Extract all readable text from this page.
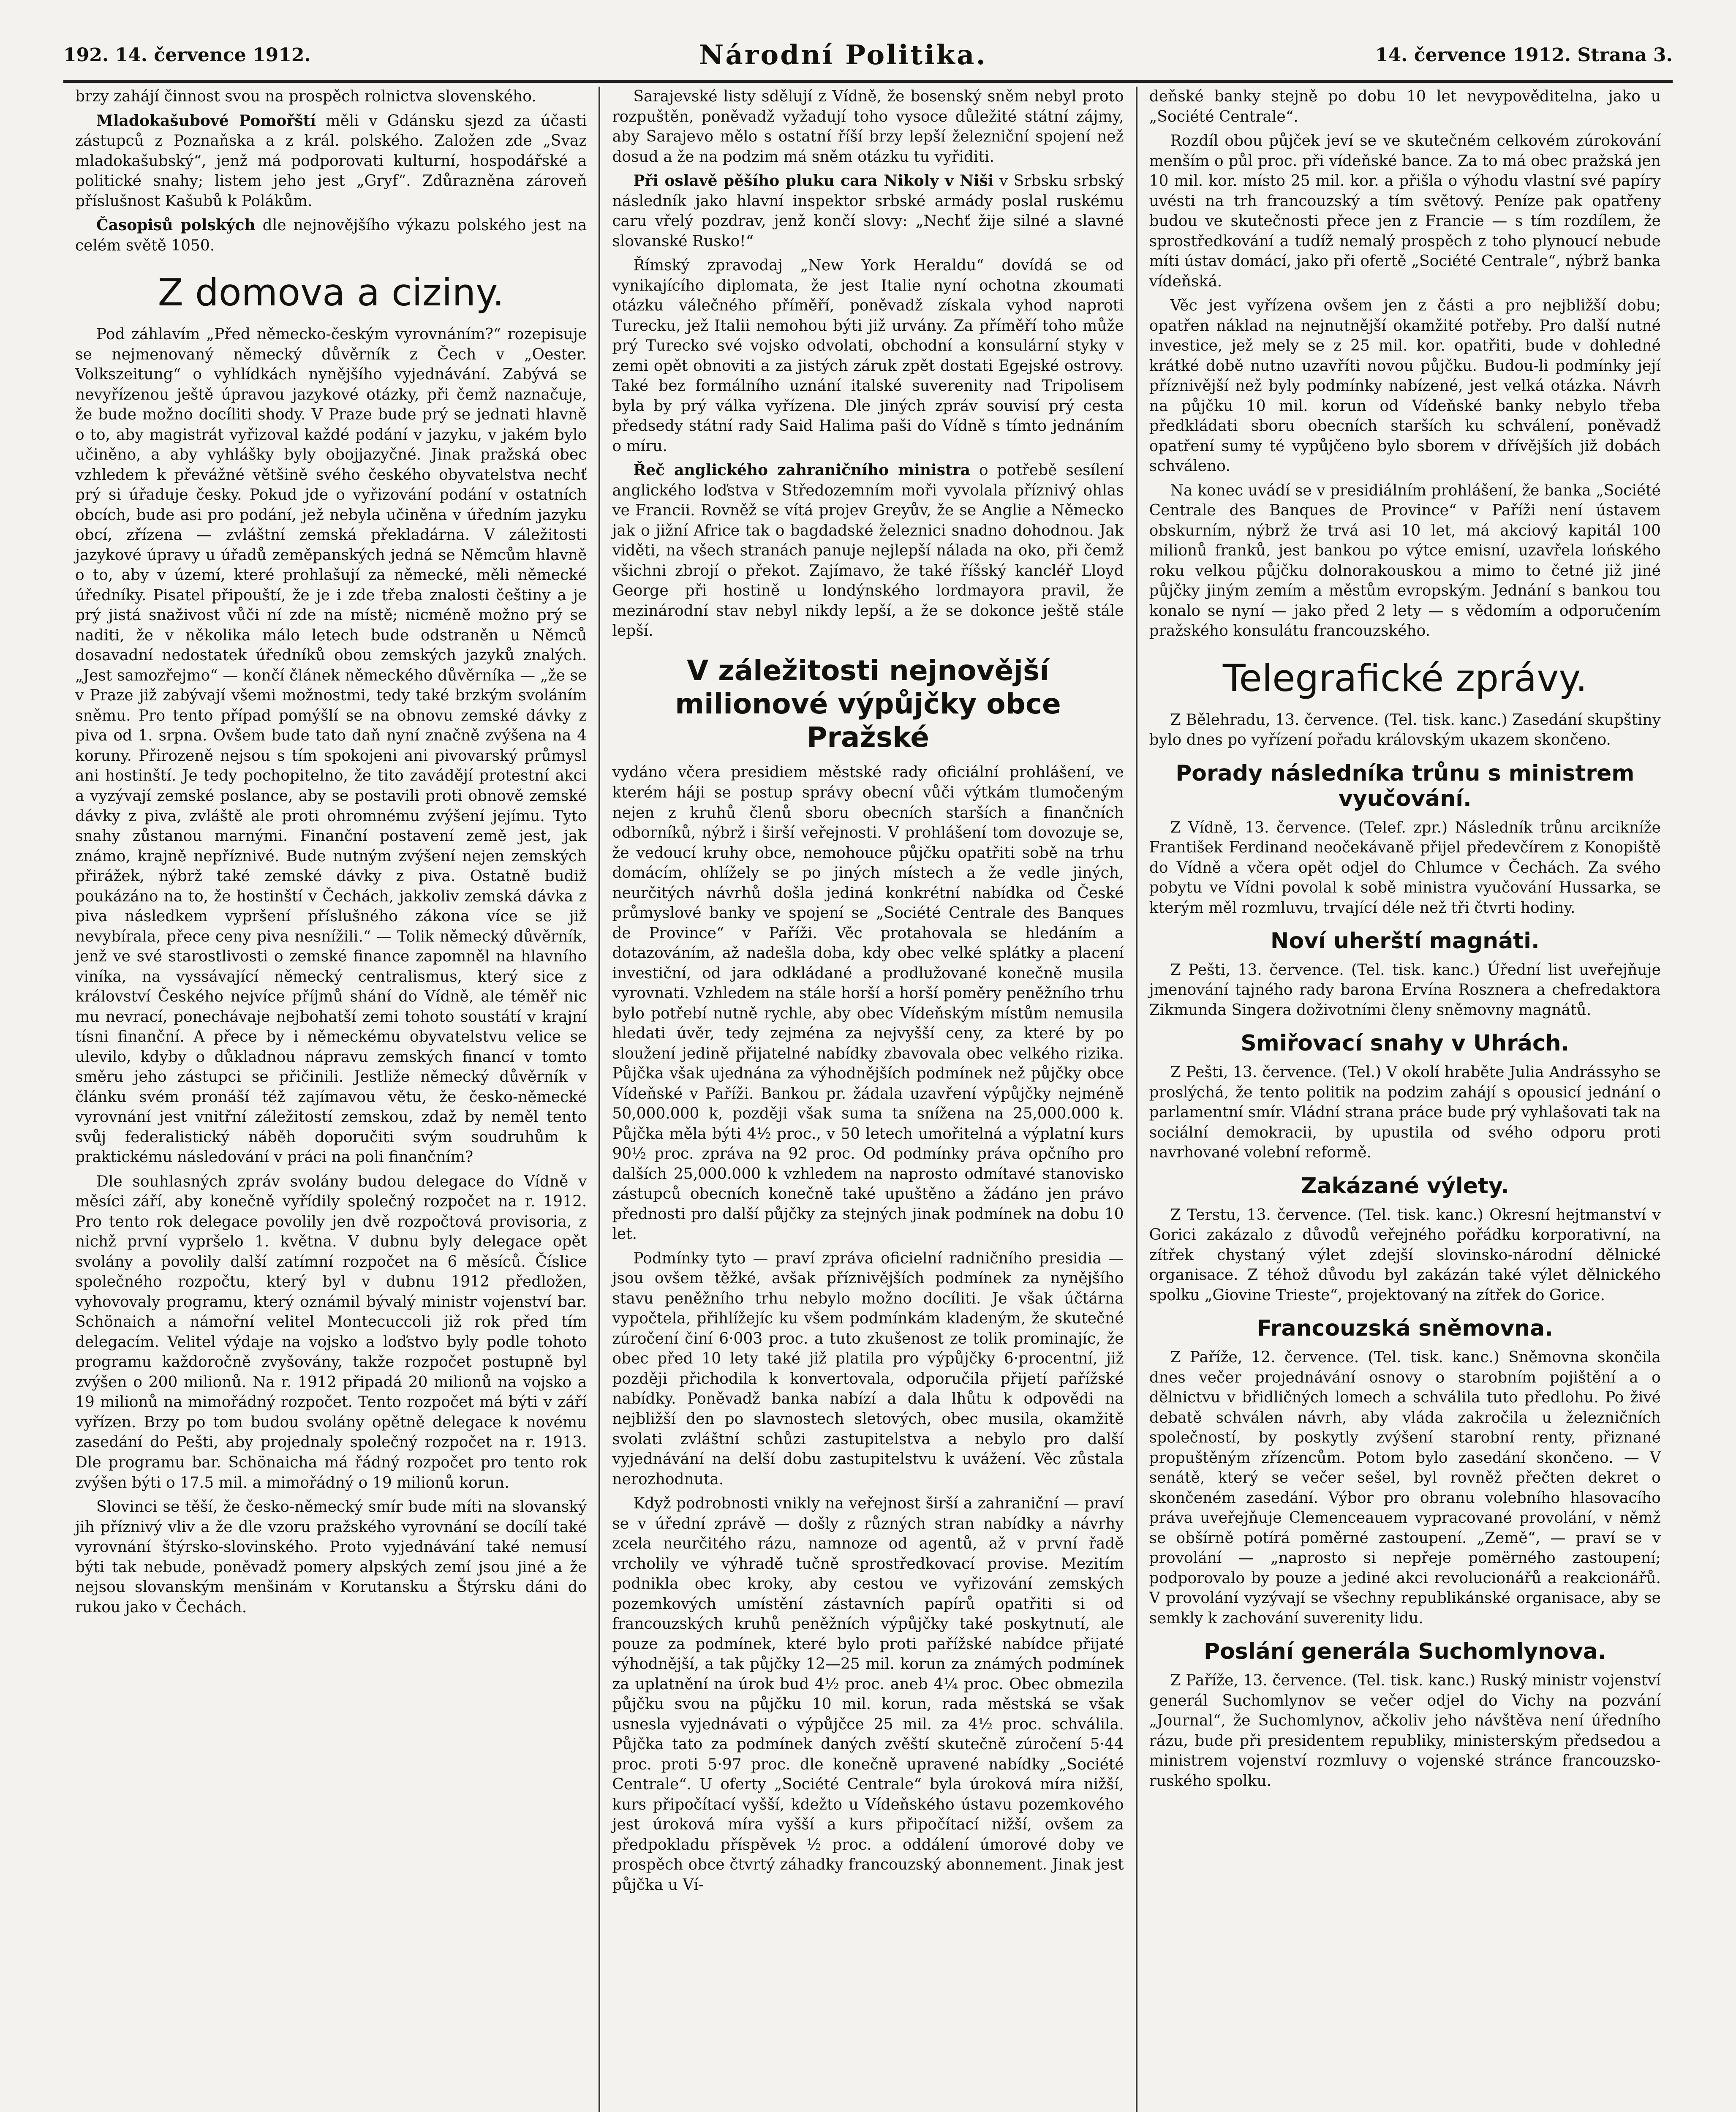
192. 14. července 1912.	Národní Politika.	14. července 1912. Strana 3.

brzy zahájí činnost svou na prospěch rolnictva slovenského.

Mladokašubové Pomořští měli v Gdánsku sjezd za účasti zástupců z Poznaňska a z král. polského. Založen zde „Svaz mladokašubský“, jenž má podporovati kulturní, hospodářské a politické snahy; listem jeho jest „Gryf“. Zdůrazněna zároveň příslušnost Kašubů k Polákům.

Časopisů polských dle nejnovějšího výkazu polského jest na celém světě 1050.

Z domova a ciziny.

Pod záhlavím „Před německo-českým vyrovnáním?“ rozepisuje se nejmenovaný německý důvěrník z Čech v „Oester. Volkszeitung“ o vyhlídkách nynějšího vyjednávání. Zabývá se nevyřízenou ještě úpravou jazykové otázky, při čemž naznačuje, že bude možno docíliti shody. V Praze bude prý se jednati hlavně o to, aby magistrát vyřizoval každé podání v jazyku, v jakém bylo učiněno, a aby vyhlášky byly obojjazyčné. Jinak pražská obec vzhledem k převážné většině svého českého obyvatelstva nechť prý si úřaduje česky. Pokud jde o vyřizování podání v ostatních obcích, bude asi pro podání, jež nebyla učiněna v úředním jazyku obcí, zřízena — zvláštní zemská překladárna. V záležitosti jazykové úpravy u úřadů zeměpanských jedná se Němcům hlavně o to, aby v území, které prohlašují za německé, měli německé úředníky. Pisatel připouští, že je i zde třeba znalosti češtiny a je prý jistá snaživost vůči ní zde na místě; nicméně možno prý se naditi, že v několika málo letech bude odstraněn u Němců dosavadní nedostatek úředníků obou zemských jazyků znalých. „Jest samozřejmo“ — končí článek německého důvěrníka — „že se v Praze již zabývají všemi možnostmi, tedy také brzkým svoláním sněmu. Pro tento případ pomýšlí se na obnovu zemské dávky z piva od 1. srpna. Ovšem bude tato daň nyní značně zvýšena na 4 koruny. Přirozeně nejsou s tím spokojeni ani pivovarský průmysl ani hostinští. Je tedy pochopitelno, že tito zavádějí protestní akci a vyzývají zemské poslance, aby se postavili proti obnově zemské dávky z piva, zvláště ale proti ohromnému zvýšení jejímu. Tyto snahy zůstanou marnými. Finanční postavení země jest, jak známo, krajně nepříznivé. Bude nutným zvýšení nejen zemských přirážek, nýbrž také zemské dávky z piva. Ostatně budiž poukázáno na to, že hostinští v Čechách, jakkoliv zemská dávka z piva následkem vypršení příslušného zákona více se již nevybírala, přece ceny piva nesnížili.“ — Tolik německý důvěrník, jenž ve své starostlivosti o zemské finance zapomněl na hlavního viníka, na vyssávající německý centralismus, který sice z království Českého nejvíce příjmů shání do Vídně, ale téměř nic mu nevrací, ponechávaje nejbohatší zemi tohoto soustátí v krajní tísni finanční. A přece by i německému obyvatelstvu velice se ulevilo, kdyby o důkladnou nápravu zemských financí v tomto směru jeho zástupci se přičinili. Jestliže německý důvěrník v článku svém pronáší též zajímavou větu, že česko-německé vyrovnání jest vnitřní záležitostí zemskou, zdaž by neměl tento svůj federalistický náběh doporučiti svým soudruhům k praktickému následování v práci na poli finančním?

Dle souhlasných zpráv svolány budou delegace do Vídně v měsíci září, aby konečně vyřídily společný rozpočet na r. 1912. Pro tento rok delegace povolily jen dvě rozpočtová provisoria, z nichž první vypršelo 1. května. V dubnu byly delegace opět svolány a povolily další zatímní rozpočet na 6 měsíců. Číslice společného rozpočtu, který byl v dubnu 1912 předložen, vyhovovaly programu, který oznámil bývalý ministr vojenství bar. Schönaich a námořní velitel Montecuccoli již rok před tím delegacím. Velitel výdaje na vojsko a loďstvo byly podle tohoto programu každoročně zvyšovány, takže rozpočet postupně byl zvýšen o 200 milionů. Na r. 1912 připadá 20 milionů na vojsko a 19 milionů na mimořádný rozpočet. Tento rozpočet má býti v září vyřízen. Brzy po tom budou svolány opětně delegace k novému zasedání do Pešti, aby projednaly společný rozpočet na r. 1913. Dle programu bar. Schönaicha má řádný rozpočet pro tento rok zvýšen býti o 17.5 mil. a mimořádný o 19 milionů korun.

Slovinci se těší, že česko-německý smír bude míti na slovanský jih příznivý vliv a že dle vzoru pražského vyrovnání se docílí také vyrovnání štýrsko-slovinského. Proto vyjednávání také nemusí býti tak nebude, poněvadž pomery alpských zemí jsou jiné a že nejsou slovanským menšinám v Korutansku a Štýrsku dáni do rukou jako v Čechách.

Sarajevské listy sdělují z Vídně, že bosenský sněm nebyl proto rozpuštěn, poněvadž vyžadují toho vysoce důležité státní zájmy, aby Sarajevo mělo s ostatní říší brzy lepší železniční spojení než dosud a že na podzim má sněm otázku tu vyřiditi.

Při oslavě pěšího pluku cara Nikoly v Niši v Srbsku srbský následník jako hlavní inspektor srbské armády poslal ruskému caru vřelý pozdrav, jenž končí slovy: „Nechť žije silné a slavné slovanské Rusko!“

Římský zpravodaj „New York Heraldu“ dovídá se od vynikajícího diplomata, že jest Italie nyní ochotna zkoumati otázku válečného příměří, poněvadž získala vyhod naproti Turecku, jež Italii nemohou býti již urvány. Za příměří toho může prý Turecko své vojsko odvolati, obchodní a konsulární styky v zemi opět obnoviti a za jistých záruk zpět dostati Egejské ostrovy. Také bez formálního uznání italské suverenity nad Tripolisem byla by prý válka vyřízena. Dle jiných zpráv souvisí prý cesta předsedy státní rady Said Halima paši do Vídně s tímto jednáním o míru.

Řeč anglického zahraničního ministra o potřebě sesílení anglického loďstva v Středozemním moři vyvolala příznivý ohlas ve Francii. Rovněž se vítá projev Greyův, že se Anglie a Německo jak o jižní Africe tak o bagdadské železnici snadno dohodnou. Jak viděti, na všech stranách panuje nejlepší nálada na oko, při čemž všichni zbrojí o překot. Zajímavo, že také říšský kancléř Lloyd George při hostině u londýnského lordmayora pravil, že mezinárodní stav nebyl nikdy lepší, a že se dokonce ještě stále lepší.

V záležitosti nejnovější milionové výpůjčky obce Pražské

vydáno včera presidiem městské rady oficiální prohlášení, ve kterém háji se postup správy obecní vůči výtkám tlumočeným nejen z kruhů členů sboru obecních starších a finančních odborníků, nýbrž i širší veřejnosti. V prohlášení tom dovozuje se, že vedoucí kruhy obce, nemohouce půjčku opatřiti sobě na trhu domácím, ohlížely se po jiných místech a že vedle jiných, neurčitých návrhů došla jediná konkrétní nabídka od České průmyslové banky ve spojení se „Société Centrale des Banques de Province“ v Paříži. Věc protahovala se hledáním a dotazováním, až nadešla doba, kdy obec velké splátky a placení investiční, od jara odkládané a prodlužované konečně musila vyrovnati. Vzhledem na stále horší a horší poměry peněžního trhu bylo potřebí nutně rychle, aby obec Vídeňským místům nemusila hledati úvěr, tedy zejména za nejvyšší ceny, za které by po sloužení jedině přijatelné nabídky zbavovala obec velkého rizika. Půjčka však ujednána za výhodnějších podmínek než půjčky obce Vídeňské v Paříži. Bankou pr. žádala uzavření výpůjčky nejméně 50,000.000 k, později však suma ta snížena na 25,000.000 k. Půjčka měla býti 4½ proc., v 50 letech umořitelná a výplatní kurs 90½ proc. zpráva na 92 proc. Od podmínky práva opčního pro dalších 25,000.000 k vzhledem na naprosto odmítavé stanovisko zástupců obecních konečně také upuštěno a žádáno jen právo přednosti pro další půjčky za stejných jinak podmínek na dobu 10 let.

Podmínky tyto — praví zpráva oficielní radničního presidia — jsou ovšem těžké, avšak příznivějších podmínek za nynějšího stavu peněžního trhu nebylo možno docíliti. Je však účtárna vypočtela, přihlížejíc ku všem podmínkám kladeným, že skutečné zúročení činí 6·003 proc. a tuto zkušenost ze tolik prominajíc, že obec před 10 lety také již platila pro výpůjčky 6·procentní, již později přichodila k konvertovala, odporučila přijetí pařížské nabídky. Poněvadž banka nabízí a dala lhůtu k odpovědi na nejbližší den po slavnostech sletových, obec musila, okamžitě svolati zvláštní schůzi zastupitelstva a nebylo pro další vyjednávání na delší dobu zastupitelstvu k uvážení. Věc zůstala nerozhodnuta.

Když podrobnosti vnikly na veřejnost širší a zahraniční — praví se v úřední zprávě — došly z různých stran nabídky a návrhy zcela neurčitého rázu, namnoze od agentů, až v první řadě vrcholily ve výhradě tučně sprostředkovací provise. Mezitím podnikla obec kroky, aby cestou ve vyřizování zemských pozemkových umístění zástavních papírů opatřiti si od francouzských kruhů peněžních výpůjčky také poskytnutí, ale pouze za podmínek, které bylo proti pařížské nabídce přijaté výhodnější, a tak půjčky 12—25 mil. korun za známých podmínek za uplatnění na úrok bud 4½ proc. aneb 4¼ proc. Obec obmezila půjčku svou na půjčku 10 mil. korun, rada městská se však usnesla vyjednávati o výpůjčce 25 mil. za 4½ proc. schválila. Půjčka tato za podmínek daných zvěští skutečně zúročení 5·44 proc. proti 5·97 proc. dle konečně upravené nabídky „Société Centrale“. U oferty „Société Centrale“ byla úroková míra nižší, kurs připočítací vyšší, kdežto u Vídeňského ústavu pozemkového jest úroková míra vyšší a kurs připočítací nižší, ovšem za předpokladu příspěvek ½ proc. a oddálení úmorové doby ve prospěch obce čtvrtý záhadky francouzský abonnement. Jinak jest půjčka u Ví-

deňské banky stejně po dobu 10 let nevypověditelna, jako u „Société Centrale“.

Rozdíl obou půjček jeví se ve skutečném celkovém zúrokování menším o půl proc. při vídeňské bance. Za to má obec pražská jen 10 mil. kor. místo 25 mil. kor. a přišla o výhodu vlastní své papíry uvésti na trh francouzský a tím světový. Peníze pak opatřeny budou ve skutečnosti přece jen z Francie — s tím rozdílem, že sprostředkování a tudíž nemalý prospěch z toho plynoucí nebude míti ústav domácí, jako při ofertě „Société Centrale“, nýbrž banka vídeňská.

Věc jest vyřízena ovšem jen z části a pro nejbližší dobu; opatřen náklad na nejnutnější okamžité potřeby. Pro další nutné investice, jež mely se z 25 mil. kor. opatřiti, bude v dohledné krátké době nutno uzavříti novou půjčku. Budou-li podmínky její příznivější než byly podmínky nabízené, jest velká otázka. Návrh na půjčku 10 mil. korun od Vídeňské banky nebylo třeba předkládati sboru obecních starších ku schválení, poněvadž opatření sumy té vypůjčeno bylo sborem v dřívějších již dobách schváleno.

Na konec uvádí se v presidiálním prohlášení, že banka „Société Centrale des Banques de Province“ v Paříži není ústavem obskurním, nýbrž že trvá asi 10 let, má akciový kapitál 100 milionů franků, jest bankou po výtce emisní, uzavřela lońského roku velkou půjčku dolnorakouskou a mimo to četné již jiné půjčky jiným zemím a městům evropským. Jednání s bankou tou konalo se nyní — jako před 2 lety — s vědomím a odporučením pražského konsulátu francouzského.

Telegrafické zprávy.

Z Bělehradu, 13. července. (Tel. tisk. kanc.) Zasedání skupštiny bylo dnes po vyřízení pořadu královským ukazem skončeno.

Porady následníka trůnu s ministrem vyučování.

Z Vídně, 13. července. (Telef. zpr.) Následník trůnu arcikníže František Ferdinand neočekávaně přijel předevčírem z Konopiště do Vídně a včera opět odjel do Chlumce v Čechách. Za svého pobytu ve Vídni povolal k sobě ministra vyučování Hussarka, se kterým měl rozmluvu, trvající déle než tři čtvrti hodiny.

Noví uherští magnáti.

Z Pešti, 13. července. (Tel. tisk. kanc.) Úřední list uveřejňuje jmenování tajného rady barona Ervína Rosznera a chefredaktora Zikmunda Singera doživotními členy sněmovny magnátů.

Smiřovací snahy v Uhrách.

Z Pešti, 13. července. (Tel.) V okolí hraběte Julia Andrássyho se proslýchá, že tento politik na podzim zahájí s opousicí jednání o parlamentní smír. Vládní strana práce bude prý vyhlašovati tak na sociální demokracii, by upustila od svého odporu proti navrhované volební reformě.

Zakázané výlety.

Z Terstu, 13. července. (Tel. tisk. kanc.) Okresní hejtmanství v Gorici zakázalo z důvodů veřejného pořádku korporativní, na zítřek chystaný výlet zdejší slovinsko-národní dělnické organisace. Z téhož důvodu byl zakázán také výlet dělnického spolku „Giovine Trieste“, projektovaný na zítřek do Gorice.

Francouzská sněmovna.

Z Paříže, 12. července. (Tel. tisk. kanc.) Sněmovna skončila dnes večer projednávání osnovy o starobním pojištění a o dělnictvu v břidličných lomech a schválila tuto předlohu. Po živé debatě schválen návrh, aby vláda zakročila u železničních společností, by poskytly zvýšení starobní renty, přiznané propuštěným zřízencům. Potom bylo zasedání skončeno. — V senátě, který se večer sešel, byl rovněž přečten dekret o skončeném zasedání. Výbor pro obranu volebního hlasovacího práva uveřejňuje Clemenceauem vypracované provolání, v němž se obšírně potírá poměrné zastoupení. „Země“, — praví se v provolání — „naprosto si nepřeje pomërného zastoupení; podporovalo by pouze a jediné akci revolucionářů a reakcionářů. V provolání vyzývají se všechny republikánské organisace, aby se semkly k zachování suverenity lidu.

Poslání generála Suchomlynova.

Z Paříže, 13. července. (Tel. tisk. kanc.) Ruský ministr vojenství generál Suchomlynov se večer odjel do Vichy na pozvání „Journal“, že Suchomlynov, ačkoliv jeho návštěva není úředního rázu, bude při presidentem republiky, ministerským předsedou a ministrem vojenství rozmluvy o vojenské stránce francouzsko-ruského spolku.
